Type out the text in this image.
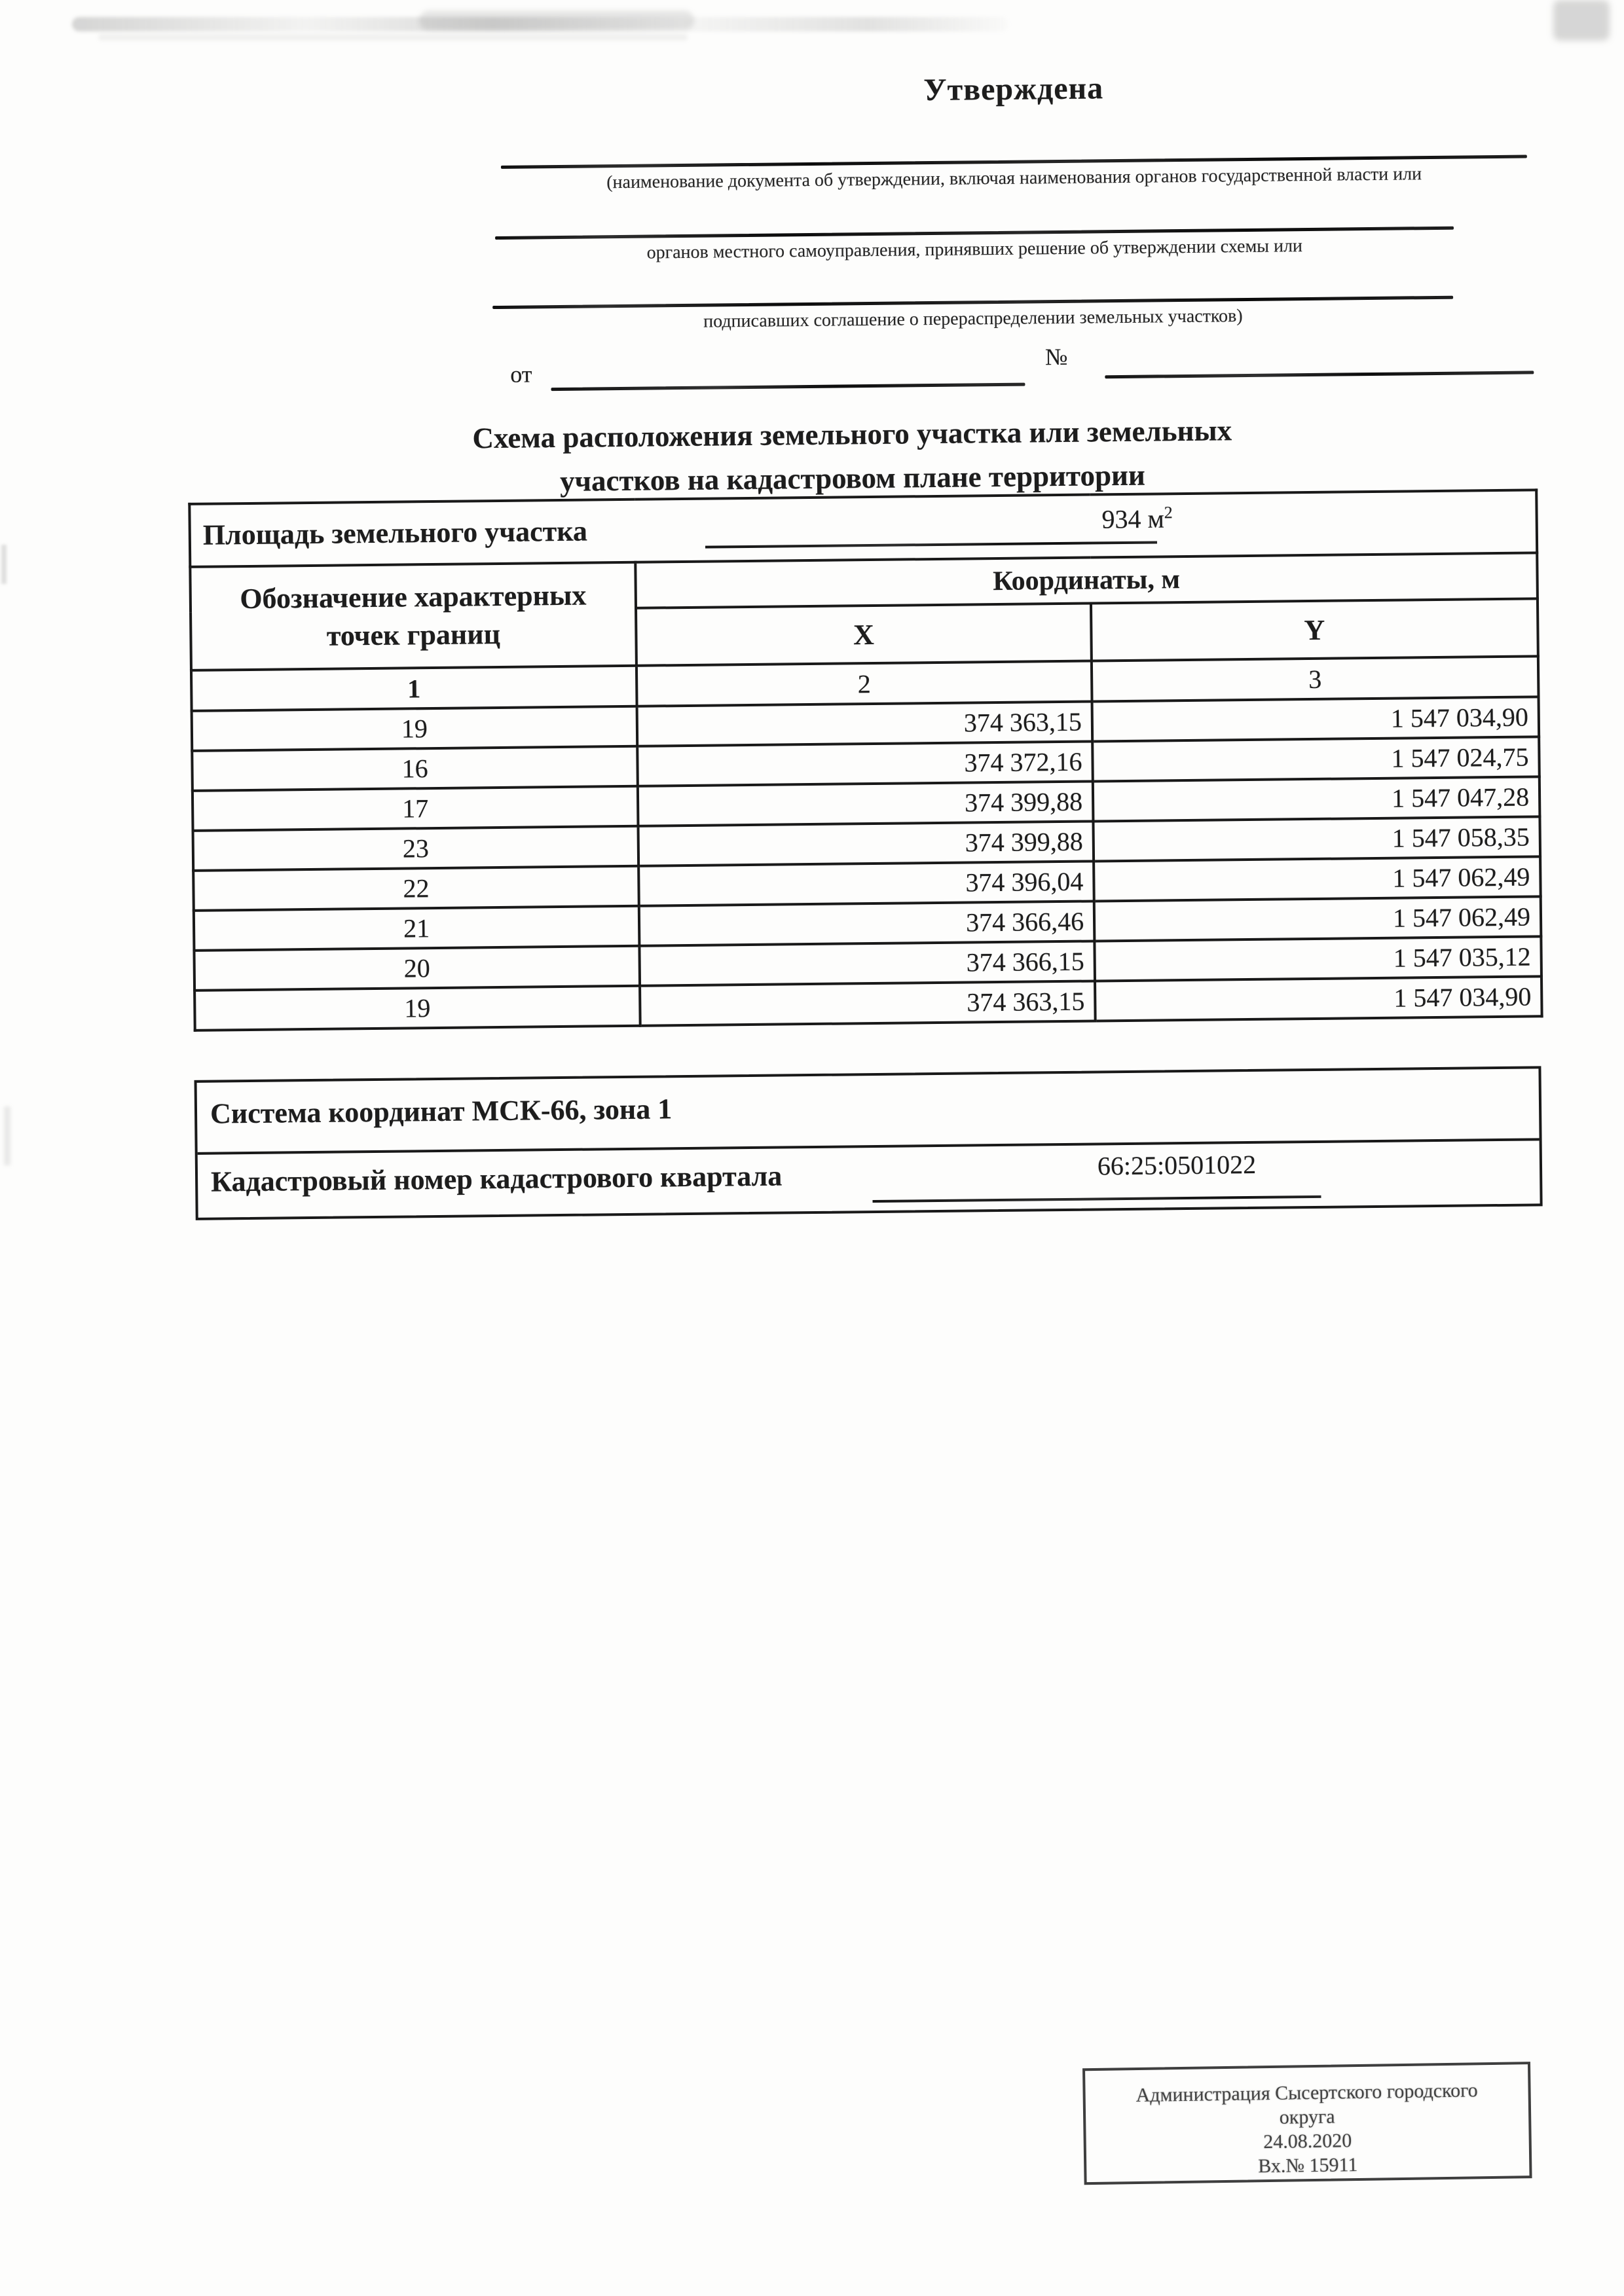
Утверждена
(наименование документа об утверждении, включая наименования органов государственной власти или
органов местного самоуправления, принявших решение об утверждении схемы или
подписавших соглашение о перераспределении земельных участков)
от
№
Схема расположения земельного участка или земельных
участков на кадастровом плане территории
Площадь земельного участка 934 $м^2$

Обозначение характерных точек границ	Координаты, м	
	X	Y
1	2	3
19	374 363,15	1 547 034,90
16	374 372,16	1 547 024,75
17	374 399,88	1 547 047,28
23	374 399,88	1 547 058,35
22	374 396,04	1 547 062,49
21	374 366,46	1 547 062,49
20	374 366,15	1 547 035,12
19	374 363,15	1 547 034,90
Система координат МСК-66, зона 1
Кадастровый номер кадастрового квартала	66:25:0501022
Администрация Сысертского городского
округа
24.08.2020
Вх.№ 15911
